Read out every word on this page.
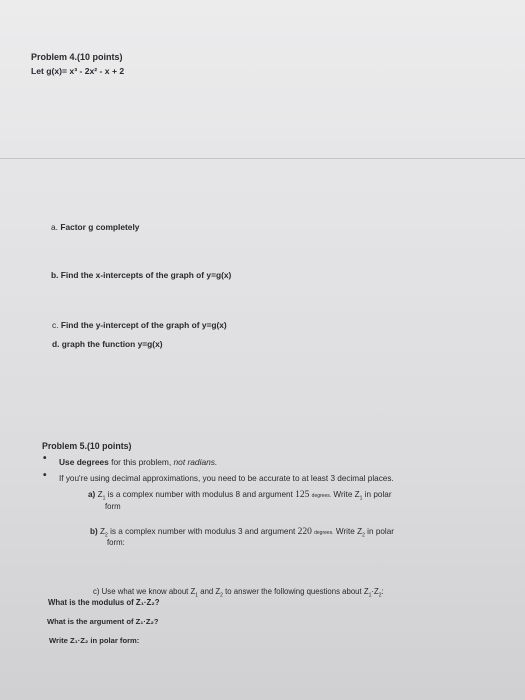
Problem 4.(10 points)
Let g(x)= x³ - 2x² - x + 2
a. Factor g completely
b. Find the x-intercepts of the graph of y=g(x)
c. Find the y-intercept of the graph of y=g(x)
d. graph the function y=g(x)
Problem 5.(10 points)
• Use degrees for this problem, not radians.
• If you're using decimal approximations, you need to be accurate to at least 3 decimal places.
a) $Z_1$ is a complex number with modulus 8 and argument 125 degrees. Write $Z_1$ in polar
form
b) $Z_2$ is a complex number with modulus 3 and argument 220 degrees. Write $Z_2$ in polar
form:
c) Use what we know about $Z_1$ and $Z_2$ to answer the following questions about $Z_1\cdot Z_2$:
What is the modulus of Z₁·Z₂?
What is the argument of Z₁·Z₂?
Write Z₁·Z₂ in polar form:
